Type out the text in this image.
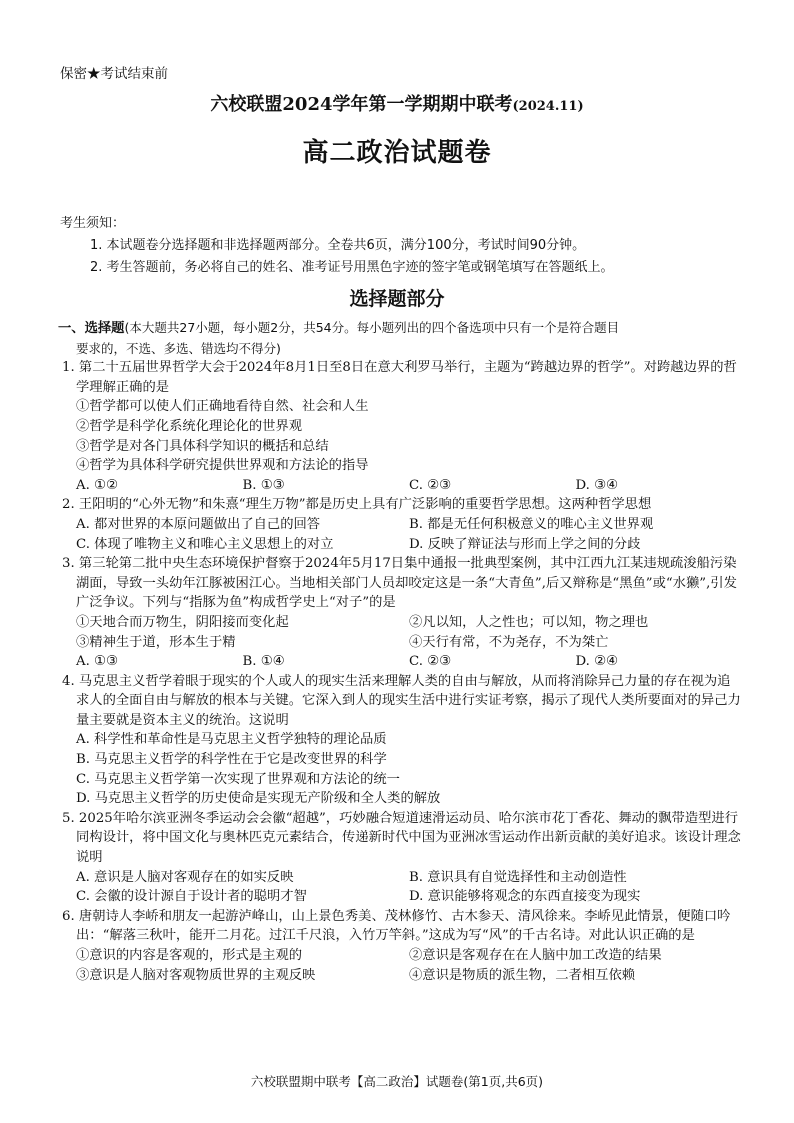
保密★考试结束前
六校联盟2024学年第一学期期中联考(2024.11)
高二政治试题卷
考生须知：
1. 本试题卷分选择题和非选择题两部分。全卷共6页，满分100分，考试时间90分钟。
2. 考生答题前，务必将自己的姓名、准考证号用黑色字迹的签字笔或钢笔填写在答题纸上。
选择题部分

一、选择题(本大题共27小题，每小题2分，共54分。每小题列出的四个备选项中只有一个是符合题目

要求的，不选、多选、错选均不得分)

1. 第二十五届世界哲学大会于2024年8月1日至8日在意大利罗马举行，主题为“跨越边界的哲学”。对跨越边界的哲学理解正确的是
①哲学都可以使人们正确地看待自然、社会和人生
②哲学是科学化系统化理论化的世界观
③哲学是对各门具体科学知识的概括和总结
④哲学为具体科学研究提供世界观和方法论的指导
A. ①②	B. ①③	C. ②③	D. ③④
2. 王阳明的“心外无物”和朱熹“理生万物”都是历史上具有广泛影响的重要哲学思想。这两种哲学思想
A. 都对世界的本原问题做出了自己的回答	B. 都是无任何积极意义的唯心主义世界观
C. 体现了唯物主义和唯心主义思想上的对立	D. 反映了辩证法与形而上学之间的分歧
3. 第三轮第二批中央生态环境保护督察于2024年5月17日集中通报一批典型案例，其中江西九江某违规疏浚船污染湖面，导致一头幼年江豚被困江心。当地相关部门人员却咬定这是一条“大青鱼”,后又辩称是“黑鱼”或“水獭”,引发广泛争议。下列与“指豚为鱼”构成哲学史上“对子”的是
①天地合而万物生，阴阳接而变化起	②凡以知，人之性也；可以知，物之理也
③精神生于道，形本生于精	④天行有常，不为尧存，不为桀亡
A. ①③	B. ①④	C. ②③	D. ②④
4. 马克思主义哲学着眼于现实的个人或人的现实生活来理解人类的自由与解放，从而将消除异己力量的存在视为追求人的全面自由与解放的根本与关键。它深入到人的现实生活中进行实证考察，揭示了现代人类所要面对的异己力量主要就是资本主义的统治。这说明
A. 科学性和革命性是马克思主义哲学独特的理论品质
B. 马克思主义哲学的科学性在于它是改变世界的科学
C. 马克思主义哲学第一次实现了世界观和方法论的统一
D. 马克思主义哲学的历史使命是实现无产阶级和全人类的解放
5. 2025年哈尔滨亚洲冬季运动会会徽“超越”，巧妙融合短道速滑运动员、哈尔滨市花丁香花、舞动的飘带造型进行同构设计，将中国文化与奥林匹克元素结合，传递新时代中国为亚洲冰雪运动作出新贡献的美好追求。该设计理念说明
A. 意识是人脑对客观存在的如实反映	B. 意识具有自觉选择性和主动创造性
C. 会徽的设计源自于设计者的聪明才智	D. 意识能够将观念的东西直接变为现实
6. 唐朝诗人李峤和朋友一起游泸峰山，山上景色秀美、茂林修竹、古木参天、清风徐来。李峤见此情景，便随口吟出：“解落三秋叶，能开二月花。过江千尺浪，入竹万竿斜。”这成为写“风”的千古名诗。对此认识正确的是
①意识的内容是客观的，形式是主观的	②意识是客观存在在人脑中加工改造的结果
③意识是人脑对客观物质世界的主观反映	④意识是物质的派生物，二者相互依赖
六校联盟期中联考【高二政治】试题卷(第1页,共6页)
